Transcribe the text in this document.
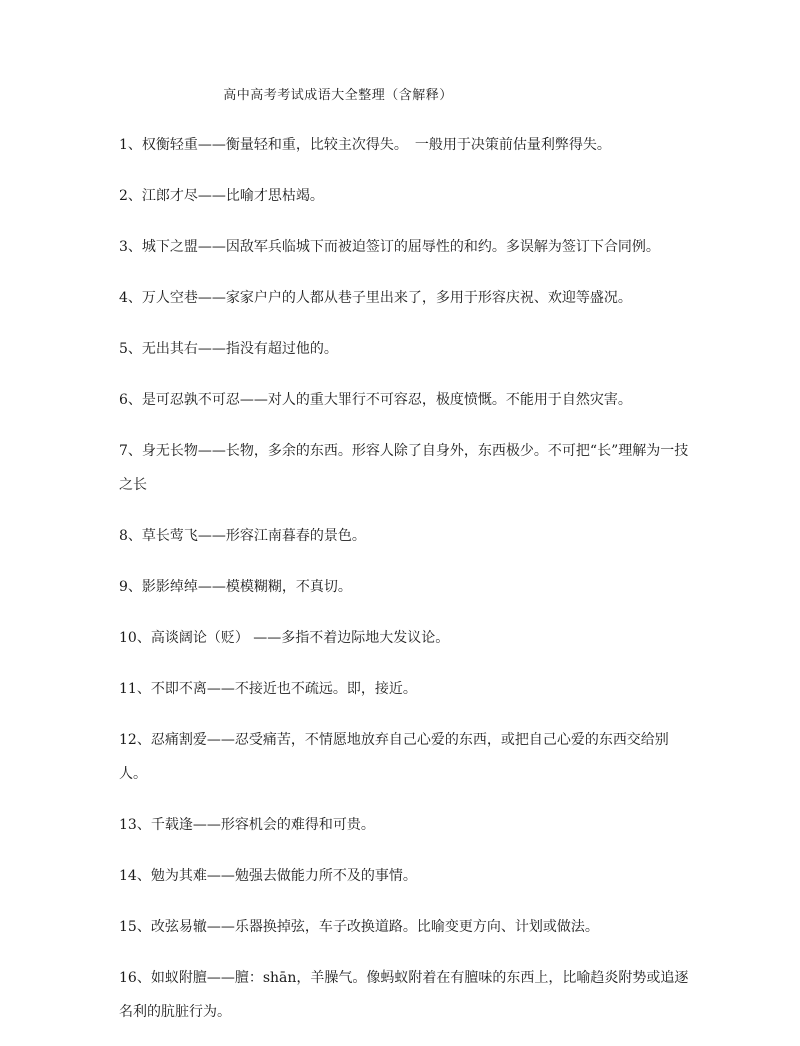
高中高考考试成语大全整理（含解释）
1、权衡轻重——衡量轻和重，比较主次得失。　一般用于决策前估量利弊得失。
2、江郎才尽——比喻才思枯竭。
3、城下之盟——因敌军兵临城下而被迫签订的屈辱性的和约。多误解为签订下合同例。
4、万人空巷——家家户户的人都从巷子里出来了，多用于形容庆祝、欢迎等盛况。
5、无出其右——指没有超过他的。
6、是可忍孰不可忍——对人的重大罪行不可容忍，极度愤慨。不能用于自然灾害。
7、身无长物——长物，多余的东西。形容人除了自身外，东西极少。不可把“长”理解为一技之长
8、草长莺飞——形容江南暮春的景色。
9、影影绰绰——模模糊糊，不真切。
10、高谈阔论（贬） ——多指不着边际地大发议论。
11、不即不离——不接近也不疏远。即，接近。
12、忍痛割爱——忍受痛苦，不情愿地放弃自己心爱的东西，或把自己心爱的东西交给别人。
13、千载逢——形容机会的难得和可贵。
14、勉为其难——勉强去做能力所不及的事情。
15、改弦易辙——乐器换掉弦，车子改换道路。比喻变更方向、计划或做法。
16、如蚁附膻——膻：shān，羊臊气。像蚂蚁附着在有膻味的东西上，比喻趋炎附势或追逐名利的肮脏行为。
